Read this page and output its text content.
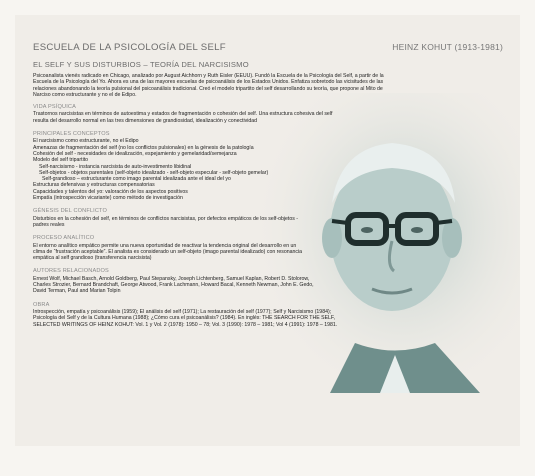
ESCUELA DE LA PSICOLOGÍA DEL SELF	HEINZ KOHUT (1913-1981)
EL SELF Y SUS DISTURBIOS – TEORÍA DEL NARCISISMO

Psicoanalista vienés radicado en Chicago, analizado por August Aichhorn y Ruth Eisler (EEUU). Fundó la Escuela de la Psicología del Self, a partir de la Escuela de la Psicología del Yo. Ahora es una de las mayores escuelas de psicoanálisis de los Estados Unidos. Enfatiza sobretodo las vicisitudes de las relaciones abandonando la teoría pulsional del psicoanálisis tradicional. Creó el modelo tripartito del self desarrollando su teoría, que propone al Mito de Narciso como estructurante y no el de Edipo.

VIDA PSÍQUICA
Trastornos narcisistas en términos de autoestima y estados de fragmentación o cohesión del self. Una estructura cohesiva del self
resulta del desarrollo normal en las tres dimensiones de grandiosidad, idealización y conectividad
PRINCIPALES CONCEPTOS
El narcisismo como estructurante, no el Edipo
Amenazas de fragmentación del self (no los conflictos pulsionales) en la génesis de la patología
Cohesión del self - necesidades de idealización, espejamiento y gemelaridad/semejanza
Modelo del self tripartito
Self-narcisismo - instancia narcisista de auto-investimento libidinal
Self-objetos - objetos parentales (self-objeto idealizado - self-objeto especular - self-objeto gemelar)
Self-grandioso – estructurante como imago parental idealizada ante el ideal del yo
Estructuras defensivas y estructuras compensatorias
Capacidades y talentos del yo: valoración de los aspectos positivos
Empatía (introspección vicariante) como método de investigación
GÉNESIS DEL CONFLICTO
Disturbios en la cohesión del self, en términos de conflictos narcisistas, por defectos empáticos de los self-objetos -
padres reales
PROCESO ANALÍTICO
El entorno analítico empático permite una nueva oportunidad de reactivar la tendencia original del desarrollo en un
clima de “frustración aceptable”. El analista es considerado un self-objeto (imago parental idealizado) con resonancia
empática al self grandioso (transferencia narcisista)
AUTORES RELACIONADOS
Ernest Wolf, Michael Basch, Arnold Goldberg, Paul Stepansky, Joseph Lichtenberg, Samuel Kaplan, Robert D. Stolorow,
Charles Strozier, Bernard Brandchaft, George Atwood, Frank Lachmann, Howard Bacal, Kenneth Newman, John E. Gedo,
David Terman, Paul and Marian Tolpin
OBRA
Introspección, empatía y psicoanálisis (1959); El análisis del self (1971); La restauración del self (1977); Self y Narcisismo (1984);
Psicología del Self y de la Cultura Humana (1988); ¿Cómo cura el psicoanálisis? (1984). En inglés: THE SEARCH FOR THE SELF,
SELECTED WRITINGS OF HEINZ KOHUT: Vol. 1 y Vol. 2 (1978): 1950 – 78; Vol. 3 (1990): 1978 – 1981; Vol 4 (1991): 1978 – 1981.
